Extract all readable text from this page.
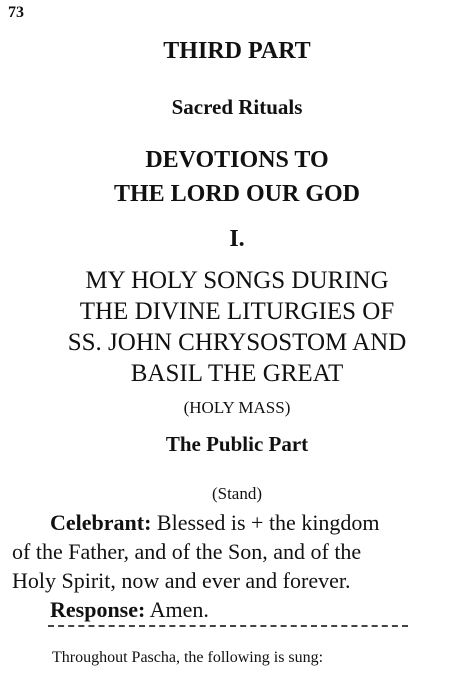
73
THIRD PART
Sacred Rituals
DEVOTIONS TO
THE LORD OUR GOD
I.
MY HOLY SONGS DURING
THE DIVINE LITURGIES OF
SS. JOHN CHRYSOSTOM AND
BASIL THE GREAT
(HOLY MASS)
The Public Part
(Stand)
Celebrant: Blessed is + the kingdom
of the Father, and of the Son, and of the
Holy Spirit, now and ever and forever.
Response: Amen.
Throughout Pascha, the following is sung:
